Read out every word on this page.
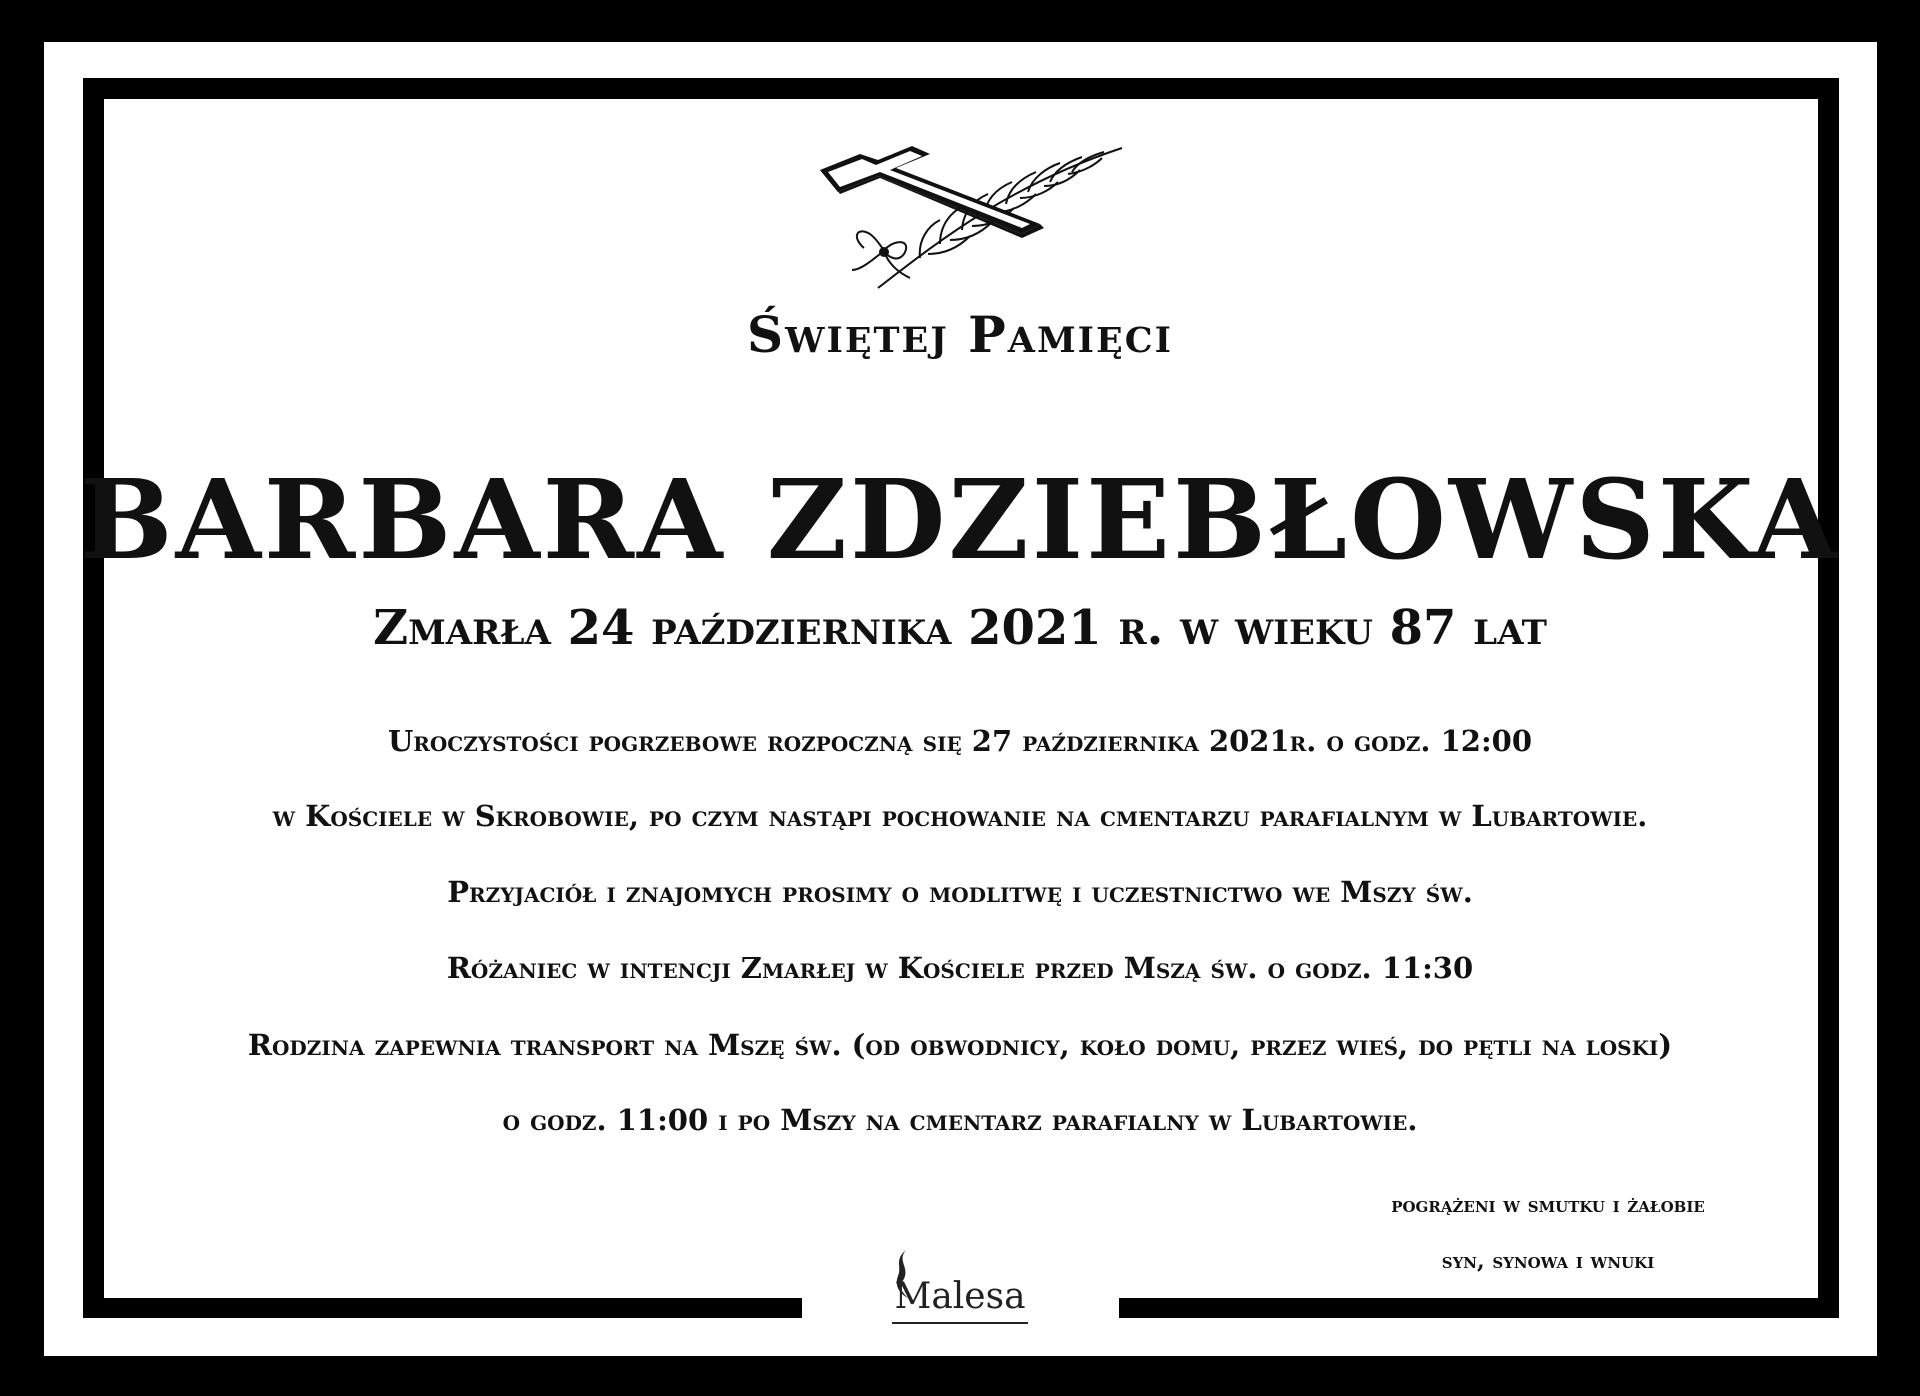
Świętej Pamięci
BARBARA ZDZIEBŁOWSKA
Zmarła 24 października 2021 r. w wieku 87 lat
Uroczystości pogrzebowe rozpoczną się 27 października 2021r. o godz. 12:00
w Kościele w Skrobowie, po czym nastąpi pochowanie na cmentarzu parafialnym w Lubartowie.
Przyjaciół i znajomych prosimy o modlitwę i uczestnictwo we Mszy św.
Różaniec w intencji Zmarłej w Kościele przed Mszą św. o godz. 11:30
Rodzina zapewnia transport na Mszę św. (od obwodnicy, koło domu, przez wieś, do pętli na loski)
o godz. 11:00 i po Mszy na cmentarz parafialny w Lubartowie.
pogrążeni w smutku i żałobie
syn, synowa i wnuki
Malesa
